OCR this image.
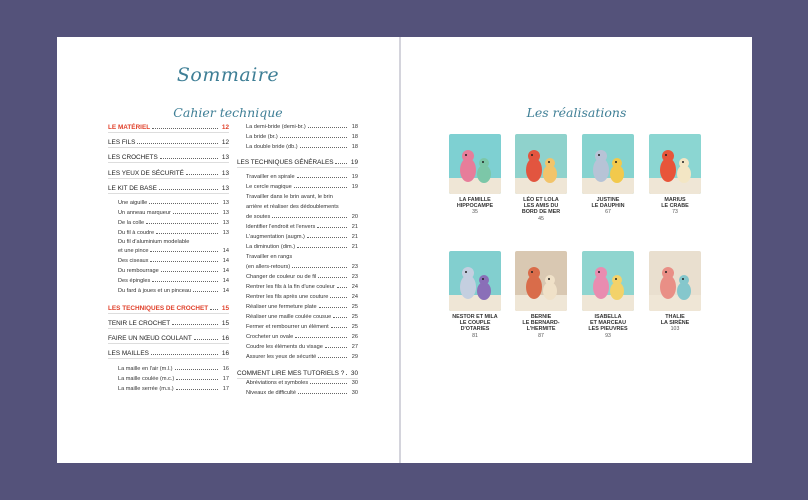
Sommaire
Cahier technique
LE MATÉRIEL	12
LES FILS	12
LES CROCHETS	13
LES YEUX DE SÉCURITÉ	13
LE KIT DE BASE	13
Une aiguille	13
Un anneau marqueur	13
De la colle	13
Du fil à coudre	13
Du fil d'aluminium modelable
et une pince	14
Des ciseaux	14
Du rembourrage	14
Des épingles	14
Du fard à joues et un pinceau	14
LES TECHNIQUES DE CROCHET 15
TENIR LE CROCHET	15
FAIRE UN NŒUD COULANT	16
LES MAILLES	16
La maille en l'air (m.l.)	16
La maille coulée (m.c.)	17
La maille serrée (m.s.)	17
La demi-bride (demi-br.)	18
La bride (br.)	18
La double bride (db.)	18
LES TECHNIQUES GÉNÉRALES	19
Travailler en spirale	19
Le cercle magique	19
Travailler dans le brin avant, le brin
arrière et réaliser des dédoublements
de soutes	20
Identifier l'endroit et l'envers	21
L'augmentation (augm.)	21
La diminution (dim.)	21
Travailler en rangs
(en allers-retours)	23
Changer de couleur ou de fil	23
Rentrer les fils à la fin d'une couleur	24
Rentrer les fils après une couture	24
Réaliser une fermeture plate	25
Réaliser une maille coulée cousue	25
Fermer et rembourrer un élément	25
Crocheter un ovale	26
Coudre les éléments du visage	27
Assurer les yeux de sécurité	29
COMMENT LIRE MES TUTORIELS ? 30
Abréviations et symboles	30
Niveaux de difficulté	30
Les réalisations
LA FAMILLE
HIPPOCAMPE
35
LÉO ET LOLA
LES AMIS DU
BORD DE MER
45
JUSTINE
LE DAUPHIN
67
MARIUS
LE CRABE
73
NESTOR ET MILA
LE COUPLE
D'OTARIES
81
BERNIE
LE BERNARD-
L'HERMITE
87
ISABELLA
ET MARCEAU
LES PIEUVRES
93
THALIE
LA SIRÈNE
103
